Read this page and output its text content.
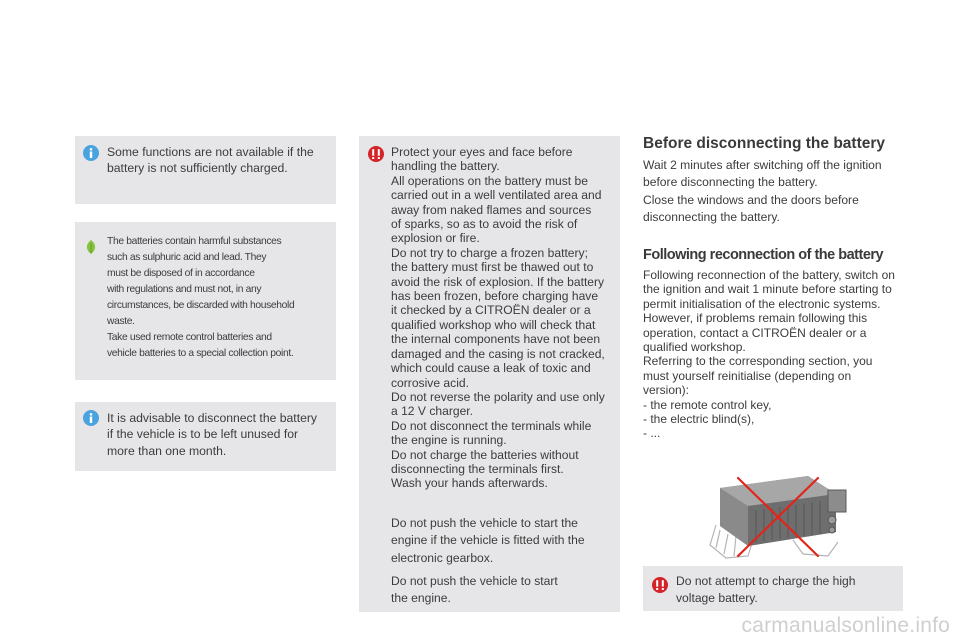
Some functions are not available if the
battery is not sufficiently charged.
The batteries contain harmful substances
such as sulphuric acid and lead. They
must be disposed of in accordance
with regulations and must not, in any
circumstances, be discarded with household
waste.
Take used remote control batteries and
vehicle batteries to a special collection point.
It is advisable to disconnect the battery
if the vehicle is to be left unused for
more than one month.
Protect your eyes and face before
handling the battery.
All operations on the battery must be
carried out in a well ventilated area and
away from naked flames and sources
of sparks, so as to avoid the risk of
explosion or fire.
Do not try to charge a frozen battery;
the battery must first be thawed out to
avoid the risk of explosion. If the battery
has been frozen, before charging have
it checked by a CITROËN dealer or a
qualified workshop who will check that
the internal components have not been
damaged and the casing is not cracked,
which could cause a leak of toxic and
corrosive acid.
Do not reverse the polarity and use only
a 12 V charger.
Do not disconnect the terminals while
the engine is running.
Do not charge the batteries without
disconnecting the terminals first.
Wash your hands afterwards.
Do not push the vehicle to start the
engine if the vehicle is fitted with the
electronic gearbox.
Do not push the vehicle to start
the engine.
Before disconnecting the battery
Wait 2 minutes after switching off the ignition
before disconnecting the battery.
Close the windows and the doors before
disconnecting the battery.
Following reconnection of the battery
Following reconnection of the battery, switch on
the ignition and wait 1 minute before starting to
permit initialisation of the electronic systems.
However, if problems remain following this
operation, contact a CITROËN dealer or a
qualified workshop.
Referring to the corresponding section, you
must yourself reinitialise (depending on
version):
- the remote control key,
- the electric blind(s),
- ...
Do not attempt to charge the high
voltage battery.
carmanualsonline.info
